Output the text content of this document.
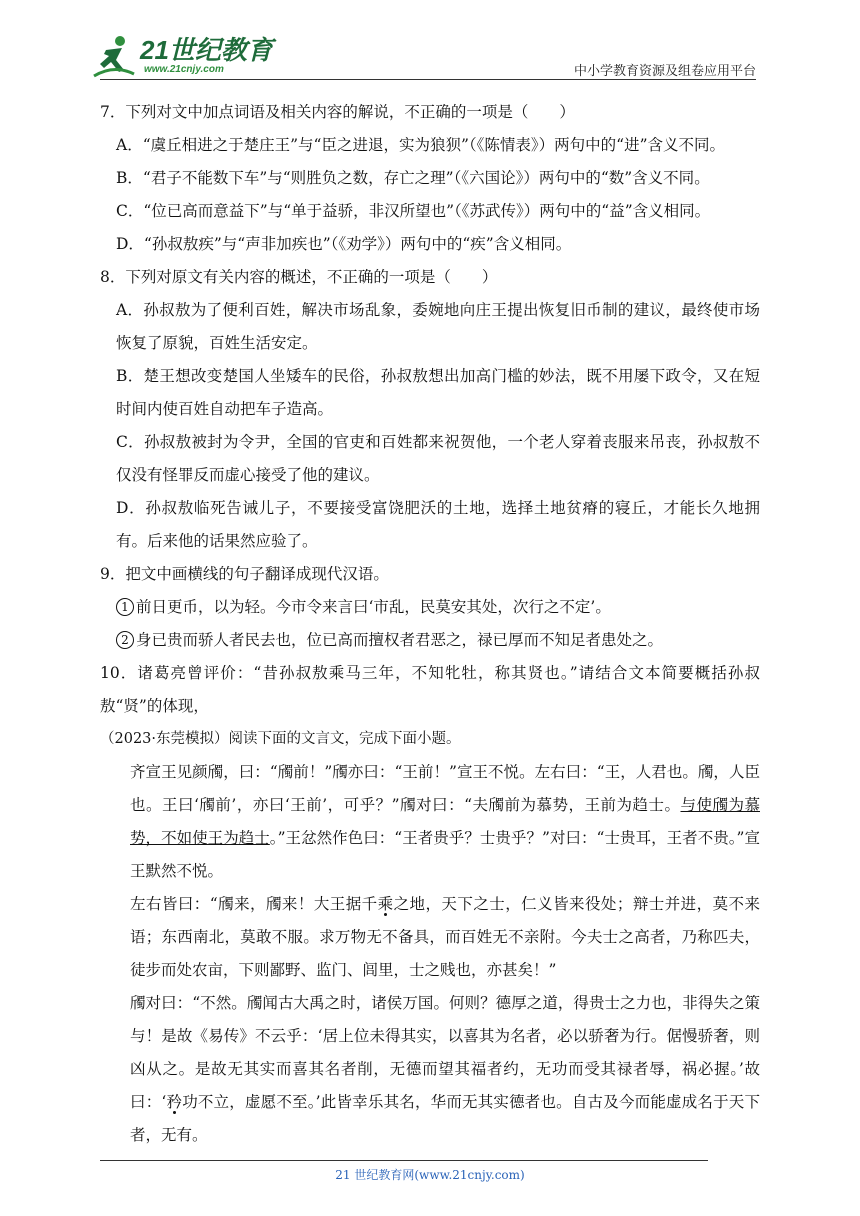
21世纪教育
www.21cnjy.com	中小学教育资源及组卷应用平台

7．下列对文中加点词语及相关内容的解说，不正确的一项是（　　）

A．“虞丘相进之于楚庄王”与“臣之进退，实为狼狈”（《陈情表》）两句中的“进”含义不同。

B．“君子不能数下车”与“则胜负之数，存亡之理”（《六国论》）两句中的“数”含义不同。

C．“位已高而意益下”与“单于益骄，非汉所望也”（《苏武传》）两句中的“益”含义相同。

D．“孙叔敖疾”与“声非加疾也”（《劝学》）两句中的“疾”含义相同。

8．下列对原文有关内容的概述，不正确的一项是（　　）

A．孙叔敖为了便利百姓，解决市场乱象，委婉地向庄王提出恢复旧币制的建议，最终使市场恢复了原貌，百姓生活安定。

B．楚王想改变楚国人坐矮车的民俗，孙叔敖想出加高门槛的妙法，既不用屡下政令，又在短时间内使百姓自动把车子造高。

C．孙叔敖被封为令尹，全国的官吏和百姓都来祝贺他，一个老人穿着丧服来吊丧，孙叔敖不仅没有怪罪反而虚心接受了他的建议。

D．孙叔敖临死告诫儿子，不要接受富饶肥沃的土地，选择土地贫瘠的寝丘，才能长久地拥有。后来他的话果然应验了。

9．把文中画横线的句子翻译成现代汉语。

1 前日更币，以为轻。今市令来言曰‘市乱，民莫安其处，次行之不定’。

2 身已贵而骄人者民去也，位已高而擅权者君恶之，禄已厚而不知足者患处之。

10．诸葛亮曾评价：“昔孙叔敖乘马三年，不知牝牡，称其贤也。”请结合文本简要概括孙叔敖“贤”的体现，

（2023·东莞模拟）阅读下面的文言文，完成下面小题。

齐宣王见颜斶，曰：“斶前！”斶亦曰：“王前！”宣王不悦。左右曰：“王，人君也。斶，人臣也。王曰‘斶前’，亦曰‘王前’，可乎？”斶对曰：“夫斶前为慕势，王前为趋士。与使斶为慕势，不如使王为趋士。”王忿然作色曰：“王者贵乎？士贵乎？”对曰：“士贵耳，王者不贵。”宣王默然不悦。

左右皆曰：“斶来，斶来！大王据千乘之地，天下之士，仁义皆来役处；辩士并进，莫不来语；东西南北，莫敢不服。求万物无不备具，而百姓无不亲附。今夫士之高者，乃称匹夫，徒步而处农亩，下则鄙野、监门、闾里，士之贱也，亦甚矣！”

斶对曰：“不然。斶闻古大禹之时，诸侯万国。何则？德厚之道，得贵士之力也，非得失之策与！是故《易传》不云乎：‘居上位未得其实，以喜其为名者，必以骄奢为行。倨慢骄奢，则凶从之。是故无其实而喜其名者削，无德而望其福者约，无功而受其禄者辱，祸必握。’故曰：‘矜功不立，虚愿不至。’此皆幸乐其名，华而无其实德者也。自古及今而能虚成名于天下者，无有。

21 世纪教育网(www.21cnjy.com)
